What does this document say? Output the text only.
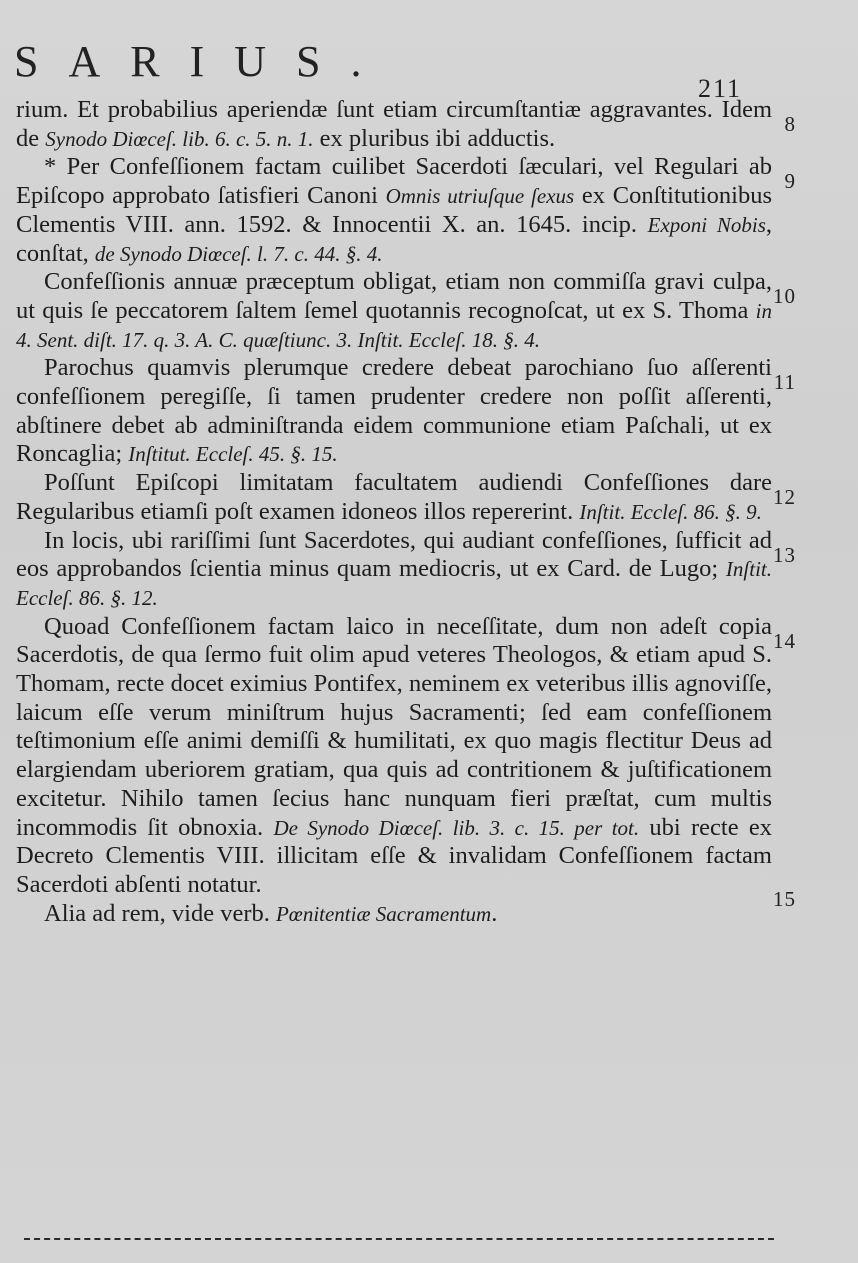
SARIUS.
211

rium. Et probabilius aperiendæ ſunt etiam circumſtantiæ aggravantes. Idem de Synodo Diœceſ. lib. 6. c. 5. n. 1. ex pluribus ibi adductis.
8

* Per Confeſſionem factam cuilibet Sacerdoti ſæculari, vel Regulari ab Epiſcopo approbato ſatisfieri Canoni Omnis utriuſque ſexus ex Conſtitutionibus Clementis VIII. ann. 1592. & Innocentii X. an. 1645. incip. Exponi Nobis, conſtat, de Synodo Diœceſ. l. 7. c. 44. §. 4.
9

Confeſſionis annuæ præceptum obligat, etiam non commiſſa gravi culpa, ut quis ſe peccatorem ſaltem ſemel quotannis recognoſcat, ut ex S. Thoma in 4. Sent. diſt. 17. q. 3. A. C. quæſtiunc. 3. Inſtit. Eccleſ. 18. §. 4.
10

Parochus quamvis plerumque credere debeat parochiano ſuo aſſerenti confeſſionem peregiſſe, ſi tamen prudenter credere non poſſit aſſerenti, abſtinere debet ab adminiſtranda eidem communione etiam Paſchali, ut ex Roncaglia; Inſtitut. Eccleſ. 45. §. 15.
11

Poſſunt Epiſcopi limitatam facultatem audiendi Confeſſiones dare Regularibus etiamſi poſt examen idoneos illos repererint. Inſtit. Eccleſ. 86. §. 9.
12

In locis, ubi rariſſimi ſunt Sacerdotes, qui audiant confeſſiones, ſufficit ad eos approbandos ſcientia minus quam mediocris, ut ex Card. de Lugo; Inſtit. Eccleſ. 86. §. 12.
13

Quoad Confeſſionem factam laico in neceſſitate, dum non adeſt copia Sacerdotis, de qua ſermo fuit olim apud veteres Theologos, & etiam apud S. Thomam, recte docet eximius Pontifex, neminem ex veteribus illis agnoviſſe, laicum eſſe verum miniſtrum hujus Sacramenti; ſed eam confeſſionem teſtimonium eſſe animi demiſſi & humilitati, ex quo magis flectitur Deus ad elargiendam uberiorem gratiam, qua quis ad contritionem & juſtificationem excitetur. Nihilo tamen ſecius hanc nunquam fieri præſtat, cum multis incommodis ſit obnoxia. De Synodo Diœceſ. lib. 3. c. 15. per tot. ubi recte ex Decreto Clementis VIII. illicitam eſſe & invalidam Confeſſionem factam Sacerdoti abſenti notatur.
14
15

Alia ad rem, vide verb. Pœnitentiæ Sacramentum.
